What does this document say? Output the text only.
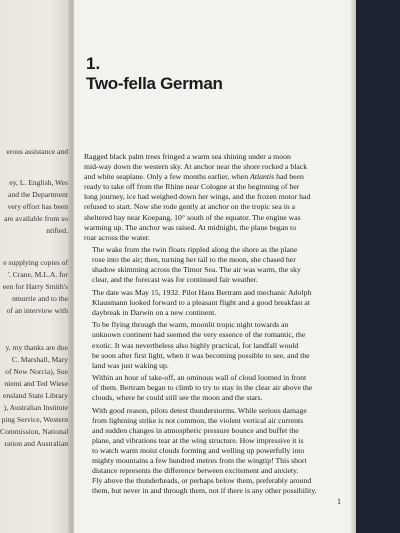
erous assistance and
ey, L. English, Wes
and the Department
very effort has been
are available from so
ntified.
e supplying copies of
'. Crane, M.L.A. for
een for Harry Smith's
nmurrie and to the
of an interview with
y, my thanks are due
C. Marshall, Mary
of New Norcia), Sue
niemi and Ted Wiese
ensland State Library
), Australian Institute
ping Service, Western
Commission, National
ration and Australian
1.
Two-fella German
Ragged black palm trees fringed a warm sea shining under a moon
mid-way down the western sky. At anchor near the shore rocked a black
and white seaplane. Only a few months earlier, when Atlantis had been
ready to take off from the Rhine near Cologne at the beginning of her
long journey, ice had weighed down her wings, and the frozen motor had
refused to start. Now she rode gently at anchor on the tropic sea in a
sheltered bay near Koepang, 10° south of the equator. The engine was
warming up. The anchor was raised. At midnight, the plane began to
roar across the water.
The wake from the twin floats rippled along the shore as the plane
rose into the air; then, turning her tail to the moon, she chased her
shadow skimming across the Timor Sea. The air was warm, the sky
clear, and the forecast was for continued fair weather.
The date was May 15, 1932. Pilot Hans Bertram and mechanic Adolph
Klausmann looked forward to a pleasant flight and a good breakfast at
daybreak in Darwin on a new continent.
To be flying through the warm, moonlit tropic night towards an
unknown continent had seemed the very essence of the romantic, the
exotic. It was nevertheless also highly practical, for landfall would
be soon after first light, when it was becoming possible to see, and the
land was just waking up.
Within an hour of take-off, an ominous wall of cloud loomed in front
of them. Bertram began to climb to try to stay in the clear air above the
clouds, where he could still see the moon and the stars.
With good reason, pilots detest thunderstorms. While serious damage
from lightning strike is not common, the violent vertical air currents
and sudden changes in atmospheric pressure bounce and buffet the
plane, and vibrations tear at the wing structure. How impressive it is
to watch warm moist clouds forming and welling up powerfully into
mighty mountains a few hundred metres from the wingtip! This short
distance represents the difference between excitement and anxiety.
Fly above the thunderheads, or perhaps below them, preferably around
them, but never in and through them, not if there is any other possibility.
1
